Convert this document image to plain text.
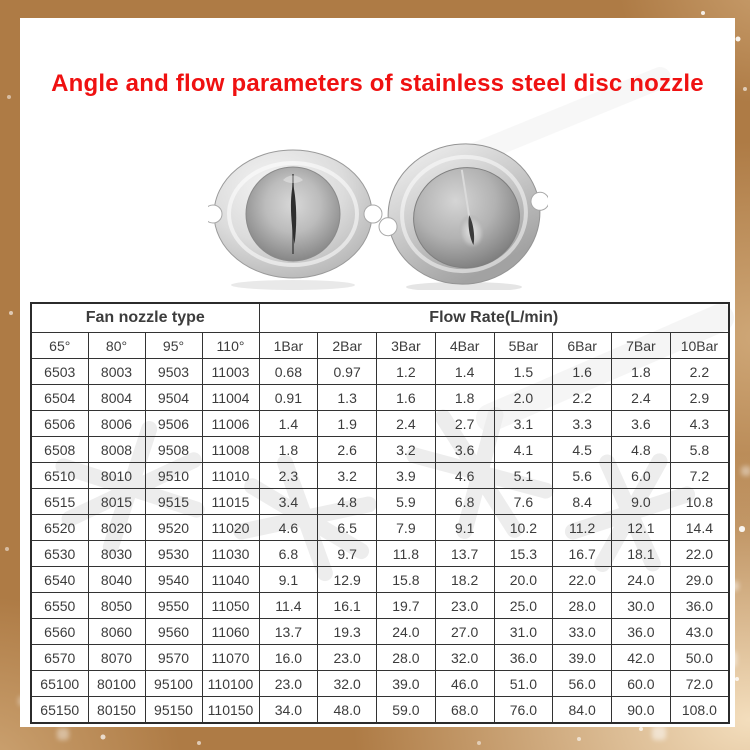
Angle and flow parameters of stainless steel disc nozzle
Fan nozzle type				Flow Rate(L/min)							
65°	80°	95°	110°	1Bar	2Bar	3Bar	4Bar	5Bar	6Bar	7Bar	10Bar
6503	8003	9503	11003	0.68	0.97	1.2	1.4	1.5	1.6	1.8	2.2
6504	8004	9504	11004	0.91	1.3	1.6	1.8	2.0	2.2	2.4	2.9
6506	8006	9506	11006	1.4	1.9	2.4	2.7	3.1	3.3	3.6	4.3
6508	8008	9508	11008	1.8	2.6	3.2	3.6	4.1	4.5	4.8	5.8
6510	8010	9510	11010	2.3	3.2	3.9	4.6	5.1	5.6	6.0	7.2
6515	8015	9515	11015	3.4	4.8	5.9	6.8	7.6	8.4	9.0	10.8
6520	8020	9520	11020	4.6	6.5	7.9	9.1	10.2	11.2	12.1	14.4
6530	8030	9530	11030	6.8	9.7	11.8	13.7	15.3	16.7	18.1	22.0
6540	8040	9540	11040	9.1	12.9	15.8	18.2	20.0	22.0	24.0	29.0
6550	8050	9550	11050	11.4	16.1	19.7	23.0	25.0	28.0	30.0	36.0
6560	8060	9560	11060	13.7	19.3	24.0	27.0	31.0	33.0	36.0	43.0
6570	8070	9570	11070	16.0	23.0	28.0	32.0	36.0	39.0	42.0	50.0
65100	80100	95100	110100	23.0	32.0	39.0	46.0	51.0	56.0	60.0	72.0
65150	80150	95150	110150	34.0	48.0	59.0	68.0	76.0	84.0	90.0	108.0
